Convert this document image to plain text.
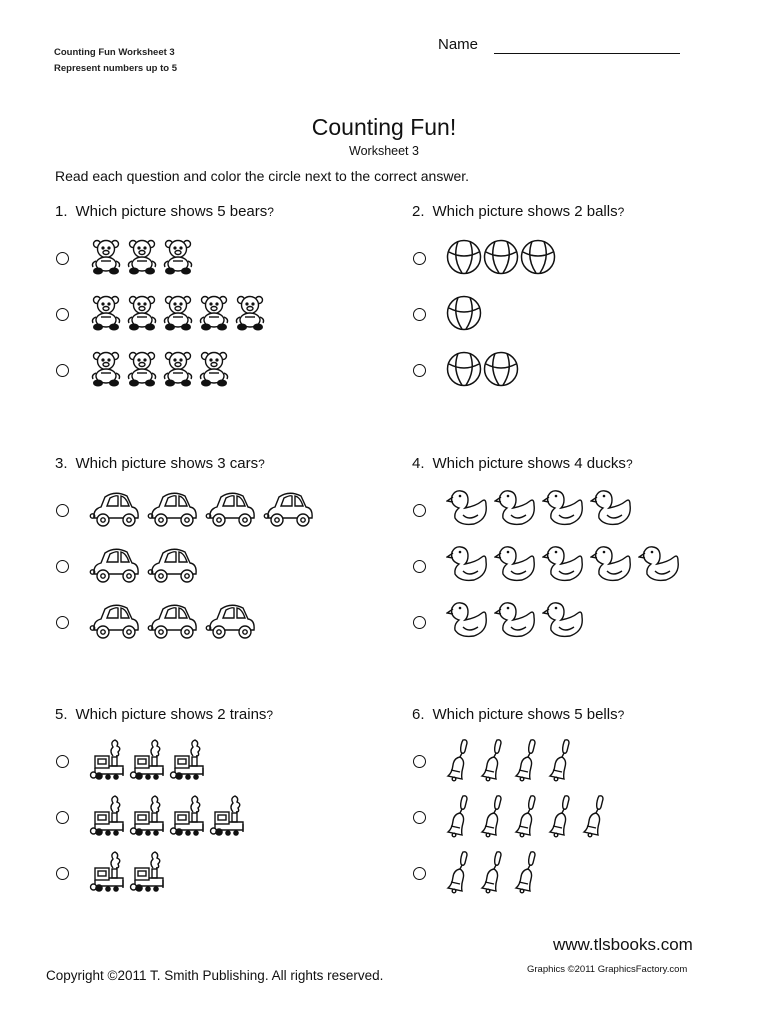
Counting Fun Worksheet 3
Represent numbers up to 5
Name
Counting Fun!
Worksheet 3
Read each question and color the circle next to the correct answer.
1. Which picture shows 5 bears?	2. Which picture shows 2 balls?
3. Which picture shows 3 cars?	4. Which picture shows 4 ducks?
5. Which picture shows 2 trains?	6. Which picture shows 5 bells?
www.tlsbooks.com
Copyright ©2011 T. Smith Publishing. All rights reserved.	Graphics ©2011 GraphicsFactory.com
